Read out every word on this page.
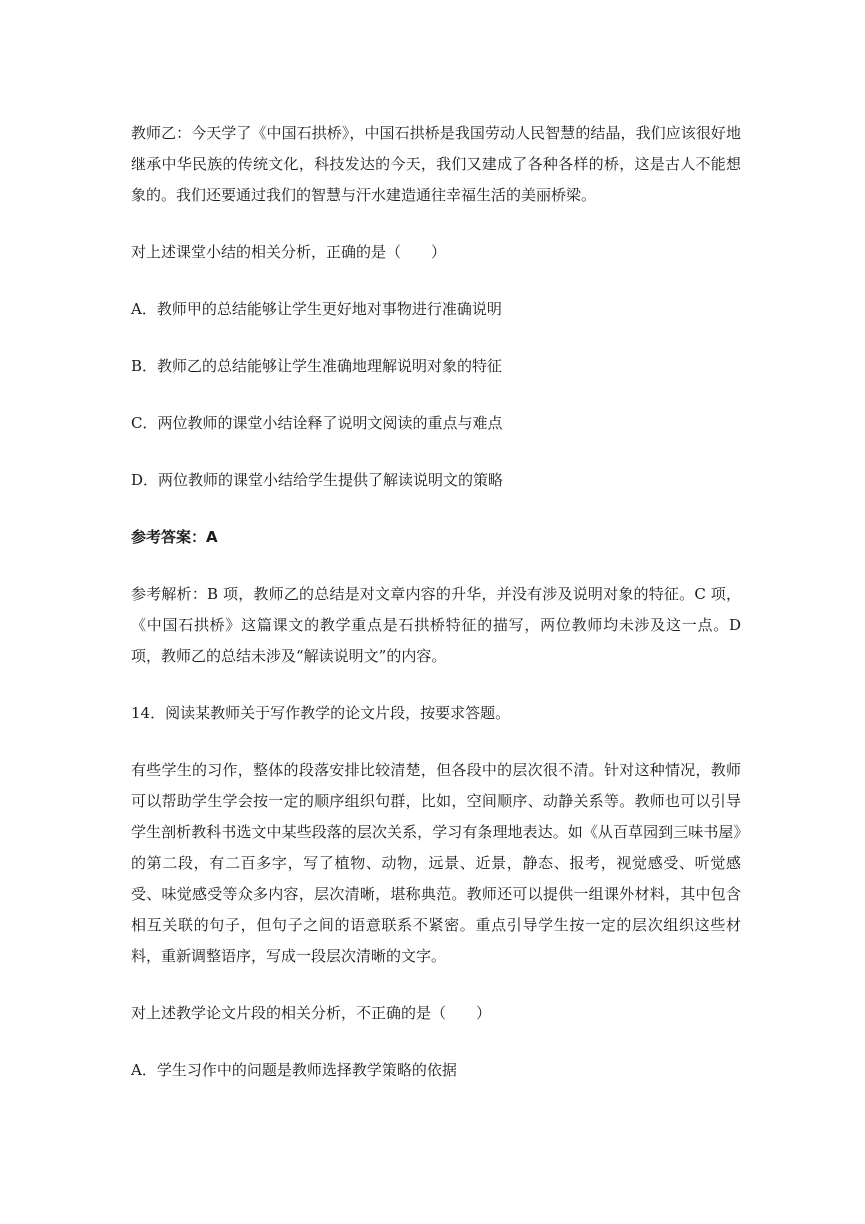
教师乙：今天学了《中国石拱桥》，中国石拱桥是我国劳动人民智慧的结晶，我们应该很好地继承中华民族的传统文化，科技发达的今天，我们又建成了各种各样的桥，这是古人不能想象的。我们还要通过我们的智慧与汗水建造通往幸福生活的美丽桥梁。

对上述课堂小结的相关分析，正确的是（　　）

A．教师甲的总结能够让学生更好地对事物进行准确说明

B．教师乙的总结能够让学生准确地理解说明对象的特征

C．两位教师的课堂小结诠释了说明文阅读的重点与难点

D．两位教师的课堂小结给学生提供了解读说明文的策略

参考答案：A

参考解析：B 项，教师乙的总结是对文章内容的升华，并没有涉及说明对象的特征。C 项，《中国石拱桥》这篇课文的教学重点是石拱桥特征的描写，两位教师均未涉及这一点。D 项，教师乙的总结未涉及“解读说明文”的内容。

14．阅读某教师关于写作教学的论文片段，按要求答题。

有些学生的习作，整体的段落安排比较清楚，但各段中的层次很不清。针对这种情况，教师可以帮助学生学会按一定的顺序组织句群，比如，空间顺序、动静关系等。教师也可以引导学生剖析教科书选文中某些段落的层次关系，学习有条理地表达。如《从百草园到三味书屋》的第二段，有二百多字，写了植物、动物，远景、近景，静态、报考，视觉感受、听觉感受、味觉感受等众多内容，层次清晰，堪称典范。教师还可以提供一组课外材料，其中包含相互关联的句子，但句子之间的语意联系不紧密。重点引导学生按一定的层次组织这些材料，重新调整语序，写成一段层次清晰的文字。

对上述教学论文片段的相关分析，不正确的是（　　）

A．学生习作中的问题是教师选择教学策略的依据
